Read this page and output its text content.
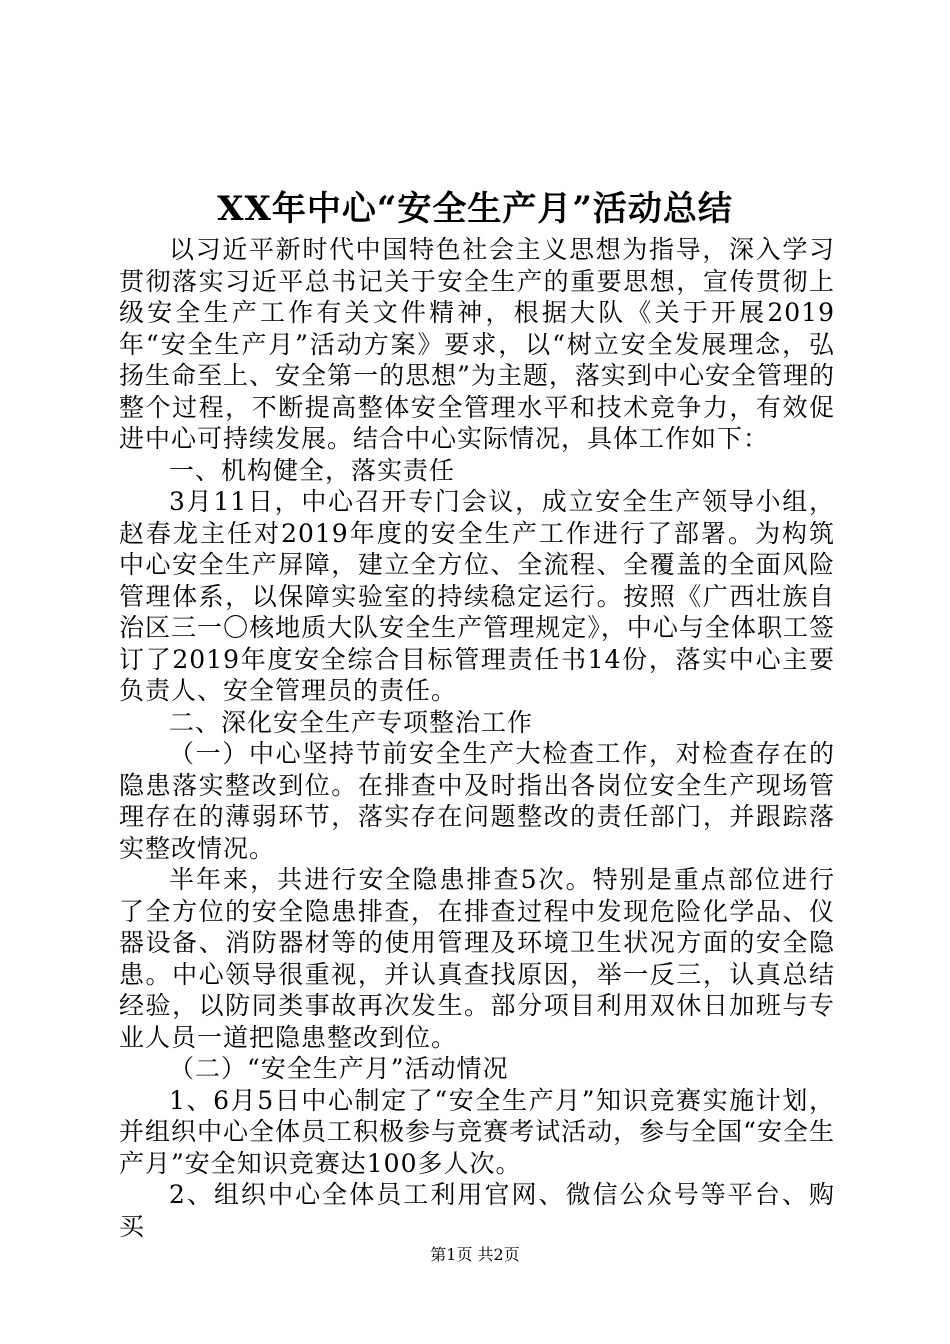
XX年中心“安全生产月”活动总结

以习近平新时代中国特色社会主义思想为指导，深入学习贯彻落实习近平总书记关于安全生产的重要思想，宣传贯彻上级安全生产工作有关文件精神，根据大队《关于开展2019年“安全生产月”活动方案》要求，以“树立安全发展理念，弘扬生命至上、安全第一的思想”为主题，落实到中心安全管理的整个过程，不断提高整体安全管理水平和技术竞争力，有效促进中心可持续发展。结合中心实际情况，具体工作如下：

一、机构健全，落实责任

3月11日，中心召开专门会议，成立安全生产领导小组，赵春龙主任对2019年度的安全生产工作进行了部署。为构筑中心安全生产屏障，建立全方位、全流程、全覆盖的全面风险管理体系，以保障实验室的持续稳定运行。按照《广西壮族自治区三一〇核地质大队安全生产管理规定》，中心与全体职工签订了2019年度安全综合目标管理责任书14份，落实中心主要负责人、安全管理员的责任。

二、深化安全生产专项整治工作

（一）中心坚持节前安全生产大检查工作，对检查存在的隐患落实整改到位。在排查中及时指出各岗位安全生产现场管理存在的薄弱环节，落实存在问题整改的责任部门，并跟踪落实整改情况。

半年来，共进行安全隐患排查5次。特别是重点部位进行了全方位的安全隐患排查，在排查过程中发现危险化学品、仪器设备、消防器材等的使用管理及环境卫生状况方面的安全隐患。中心领导很重视，并认真查找原因，举一反三，认真总结经验，以防同类事故再次发生。部分项目利用双休日加班与专业人员一道把隐患整改到位。

（二）“安全生产月”活动情况

1、6月5日中心制定了“安全生产月”知识竞赛实施计划，并组织中心全体员工积极参与竞赛考试活动，参与全国“安全生产月”安全知识竞赛达100多人次。

2、组织中心全体员工利用官网、微信公众号等平台、购买

第1页 共2页
